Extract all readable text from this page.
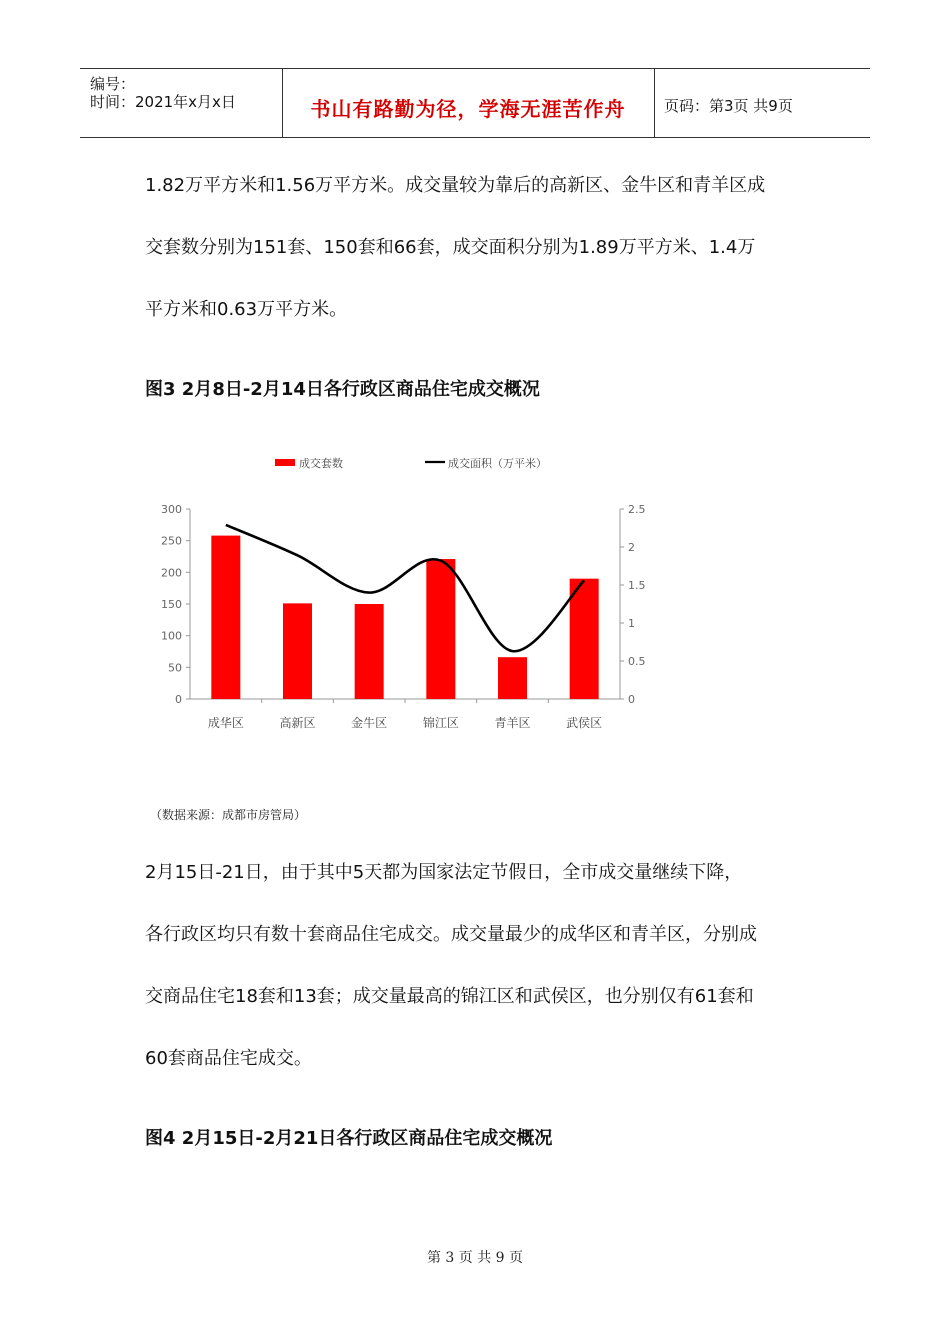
编号：
时间：2021年x月x日	书山有路勤为径，学海无涯苦作舟	页码：第3页 共9页
1.82万平方米和1.56万平方米。成交量较为靠后的高新区、金牛区和青羊区成
交套数分别为151套、150套和66套，成交面积分别为1.89万平方米、1.4万
平方米和0.63万平方米。
图3 2月8日-2月14日各行政区商品住宅成交概况
成交套数	成交面积（万平米）
0
50
100
150
200
250
300
0
0.5
1
1.5
2
2.5
成华区	高新区	金牛区	锦江区	青羊区	武侯区
（数据来源：成都市房管局）
2月15日-21日，由于其中5天都为国家法定节假日，全市成交量继续下降，
各行政区均只有数十套商品住宅成交。成交量最少的成华区和青羊区，分别成
交商品住宅18套和13套；成交量最高的锦江区和武侯区，也分别仅有61套和
60套商品住宅成交。
图4 2月15日-2月21日各行政区商品住宅成交概况
第 3 页 共 9 页
